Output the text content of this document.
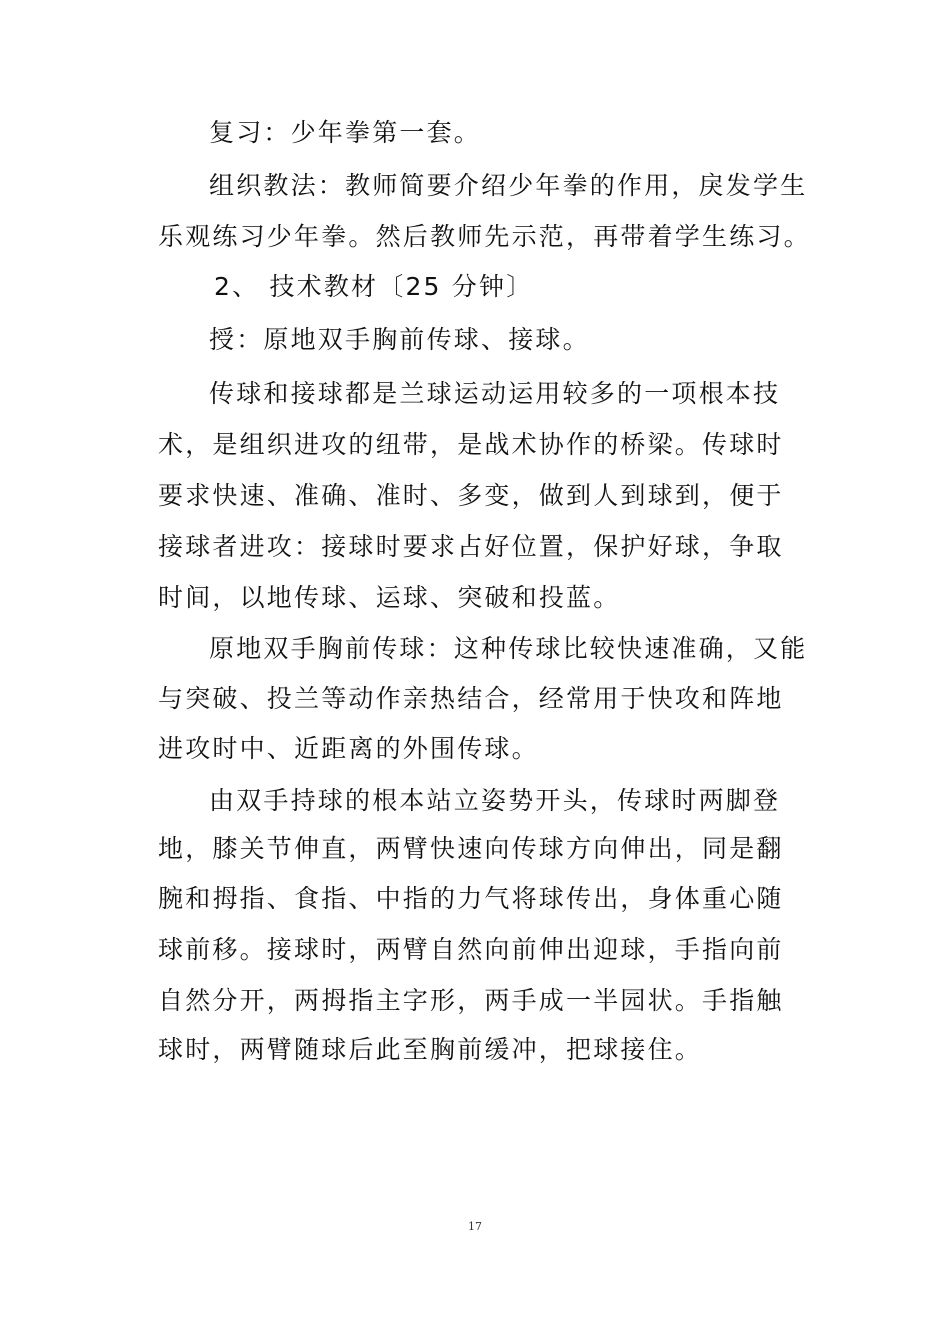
复习：少年拳第一套。
组织教法：教师简要介绍少年拳的作用，戾发学生
乐观练习少年拳。然后教师先示范，再带着学生练习。
2、 技术教材〔25 分钟〕
授：原地双手胸前传球、接球。
传球和接球都是兰球运动运用较多的一项根本技
术，是组织进攻的纽带，是战术协作的桥梁。传球时
要求快速、准确、准时、多变，做到人到球到，便于
接球者进攻：接球时要求占好位置，保护好球，争取
时间，以地传球、运球、突破和投蓝。
原地双手胸前传球：这种传球比较快速准确，又能
与突破、投兰等动作亲热结合，经常用于快攻和阵地
进攻时中、近距离的外围传球。
由双手持球的根本站立姿势开头，传球时两脚登
地，膝关节伸直，两臂快速向传球方向伸出，同是翻
腕和拇指、食指、中指的力气将球传出，身体重心随
球前移。接球时，两臂自然向前伸出迎球，手指向前
自然分开，两拇指主字形，两手成一半园状。手指触
球时，两臂随球后此至胸前缓冲，把球接住。
17
